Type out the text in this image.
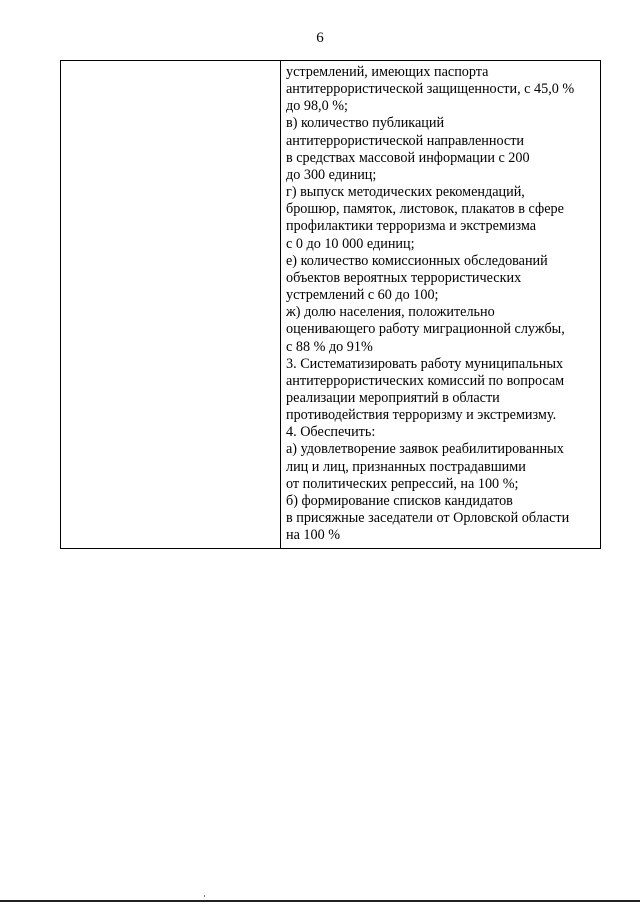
6
устремлений, имеющих паспорта
антитеррористической защищенности, с 45,0 %
до 98,0 %;
в) количество публикаций
антитеррористической направленности
в средствах массовой информации с 200
до 300 единиц;
г) выпуск методических рекомендаций,
брошюр, памяток, листовок, плакатов в сфере
профилактики терроризма и экстремизма
с 0 до 10 000 единиц;
е) количество комиссионных обследований
объектов вероятных террористических
устремлений с 60 до 100;
ж) долю населения, положительно
оценивающего работу миграционной службы,
с 88 % до 91%
3. Систематизировать работу муниципальных
антитеррористических комиссий по вопросам
реализации мероприятий в области
противодействия терроризму и экстремизму.
4. Обеспечить:
а) удовлетворение заявок реабилитированных
лиц и лиц, признанных пострадавшими
от политических репрессий, на 100 %;
б) формирование списков кандидатов
в присяжные заседатели от Орловской области
на 100 %
